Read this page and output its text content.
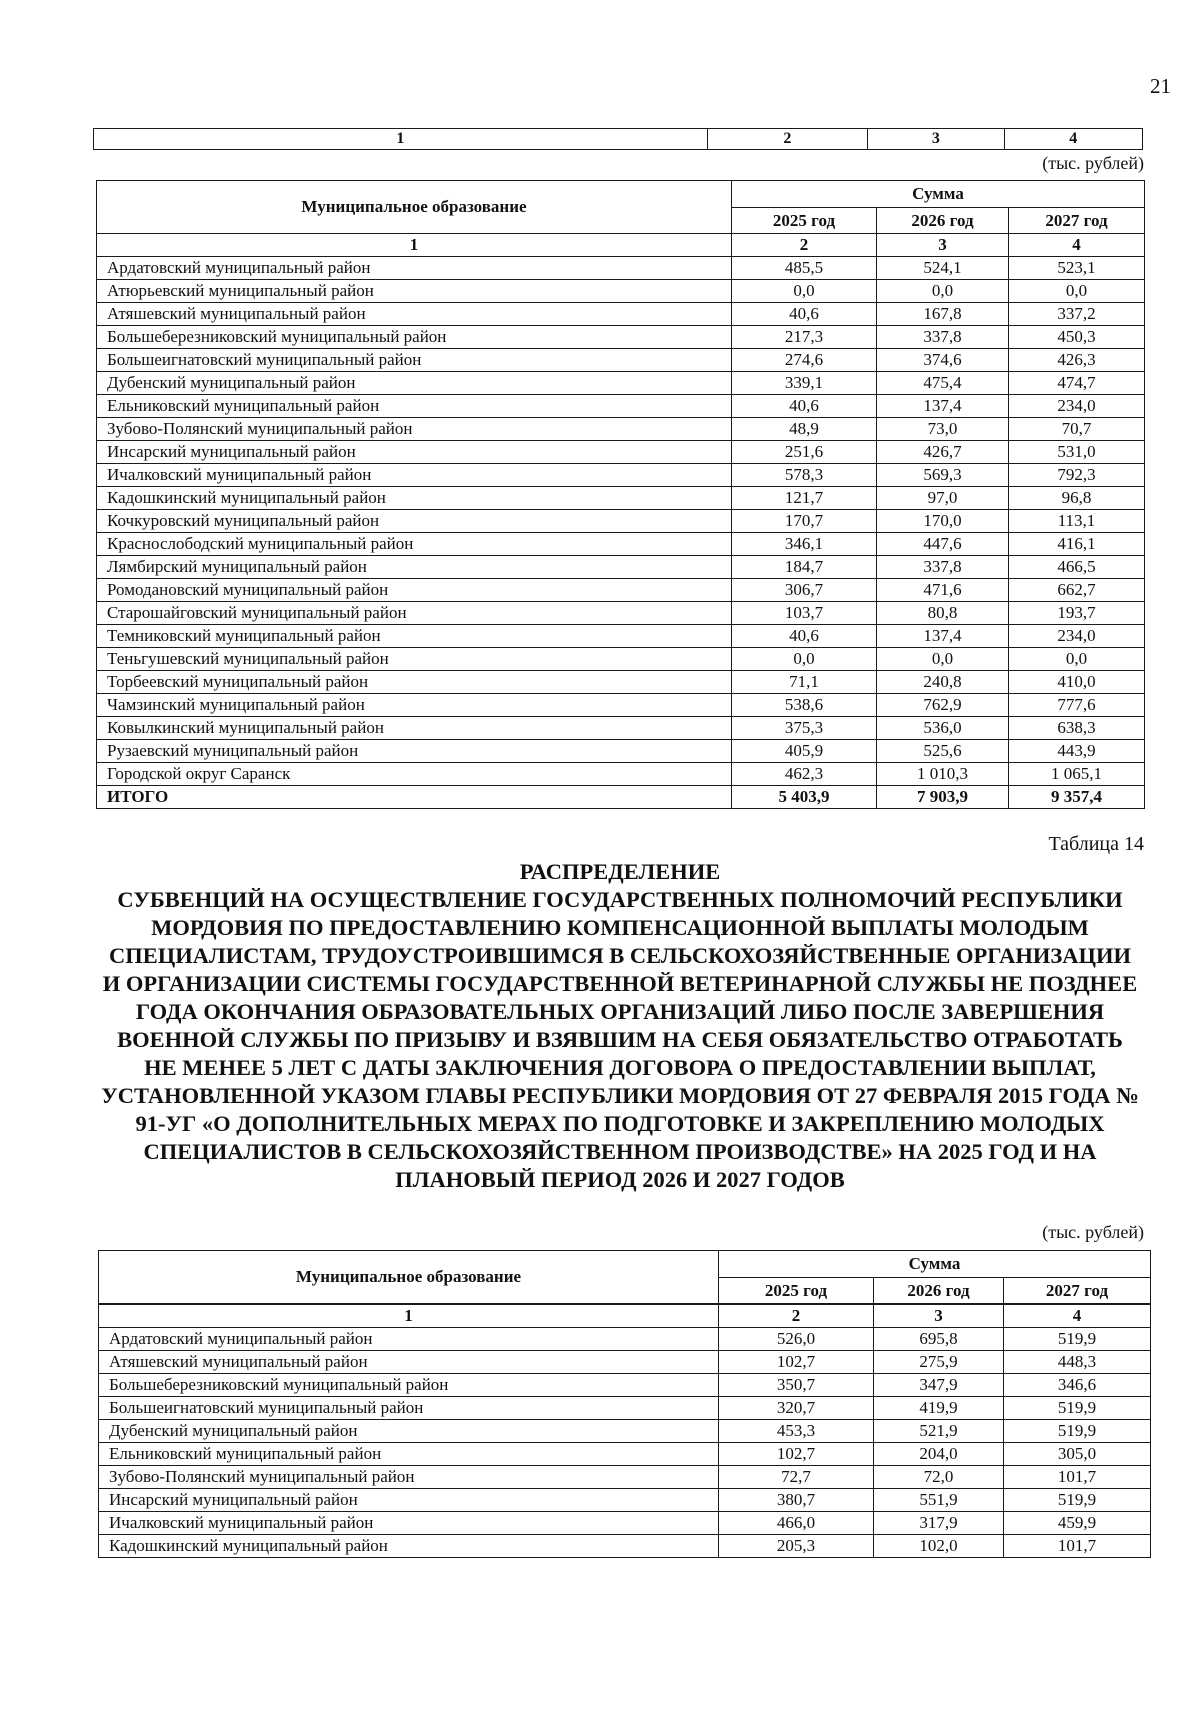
21
1	2	3	4
(тыс. рублей)
Муниципальное образование	Сумма		
	2025 год	2026 год	2027 год
1	2	3	4
Ардатовский муниципальный район	485,5	524,1	523,1
Атюрьевский муниципальный район	0,0	0,0	0,0
Атяшевский муниципальный район	40,6	167,8	337,2
Большеберезниковский муниципальный район	217,3	337,8	450,3
Большеигнатовский муниципальный район	274,6	374,6	426,3
Дубенский муниципальный район	339,1	475,4	474,7
Ельниковский муниципальный район	40,6	137,4	234,0
Зубово-Полянский муниципальный район	48,9	73,0	70,7
Инсарский муниципальный район	251,6	426,7	531,0
Ичалковский муниципальный район	578,3	569,3	792,3
Кадошкинский муниципальный район	121,7	97,0	96,8
Кочкуровский муниципальный район	170,7	170,0	113,1
Краснослободский муниципальный район	346,1	447,6	416,1
Лямбирский муниципальный район	184,7	337,8	466,5
Ромодановский муниципальный район	306,7	471,6	662,7
Старошайговский муниципальный район	103,7	80,8	193,7
Темниковский муниципальный район	40,6	137,4	234,0
Теньгушевский муниципальный район	0,0	0,0	0,0
Торбеевский муниципальный район	71,1	240,8	410,0
Чамзинский муниципальный район	538,6	762,9	777,6
Ковылкинский муниципальный район	375,3	536,0	638,3
Рузаевский муниципальный район	405,9	525,6	443,9
Городской округ Саранск	462,3	1 010,3	1 065,1
ИТОГО	5 403,9	7 903,9	9 357,4
Таблица 14
РАСПРЕДЕЛЕНИЕ
СУБВЕНЦИЙ НА ОСУЩЕСТВЛЕНИЕ ГОСУДАРСТВЕННЫХ ПОЛНОМОЧИЙ РЕСПУБЛИКИ МОРДОВИЯ ПО ПРЕДОСТАВЛЕНИЮ КОМПЕНСАЦИОННОЙ ВЫПЛАТЫ МОЛОДЫМ СПЕЦИАЛИСТАМ, ТРУДОУСТРОИВШИМСЯ В СЕЛЬСКОХОЗЯЙСТВЕННЫЕ ОРГАНИЗАЦИИ И ОРГАНИЗАЦИИ СИСТЕМЫ ГОСУДАРСТВЕННОЙ ВЕТЕРИНАРНОЙ СЛУЖБЫ НЕ ПОЗДНЕЕ ГОДА ОКОНЧАНИЯ ОБРАЗОВАТЕЛЬНЫХ ОРГАНИЗАЦИЙ ЛИБО ПОСЛЕ ЗАВЕРШЕНИЯ ВОЕННОЙ СЛУЖБЫ ПО ПРИЗЫВУ И ВЗЯВШИМ НА СЕБЯ ОБЯЗАТЕЛЬСТВО ОТРАБОТАТЬ НЕ МЕНЕЕ 5 ЛЕТ С ДАТЫ ЗАКЛЮЧЕНИЯ ДОГОВОРА О ПРЕДОСТАВЛЕНИИ ВЫПЛАТ, УСТАНОВЛЕННОЙ УКАЗОМ ГЛАВЫ РЕСПУБЛИКИ МОРДОВИЯ ОТ 27 ФЕВРАЛЯ 2015 ГОДА № 91-УГ «О ДОПОЛНИТЕЛЬНЫХ МЕРАХ ПО ПОДГОТОВКЕ И ЗАКРЕПЛЕНИЮ МОЛОДЫХ СПЕЦИАЛИСТОВ В СЕЛЬСКОХОЗЯЙСТВЕННОМ ПРОИЗВОДСТВЕ» НА 2025 ГОД И НА ПЛАНОВЫЙ ПЕРИОД 2026 И 2027 ГОДОВ
(тыс. рублей)
Муниципальное образование	Сумма		
	2025 год	2026 год	2027 год
1	2	3	4
Ардатовский муниципальный район	526,0	695,8	519,9
Атяшевский муниципальный район	102,7	275,9	448,3
Большеберезниковский муниципальный район	350,7	347,9	346,6
Большеигнатовский муниципальный район	320,7	419,9	519,9
Дубенский муниципальный район	453,3	521,9	519,9
Ельниковский муниципальный район	102,7	204,0	305,0
Зубово-Полянский муниципальный район	72,7	72,0	101,7
Инсарский муниципальный район	380,7	551,9	519,9
Ичалковский муниципальный район	466,0	317,9	459,9
Кадошкинский муниципальный район	205,3	102,0	101,7
